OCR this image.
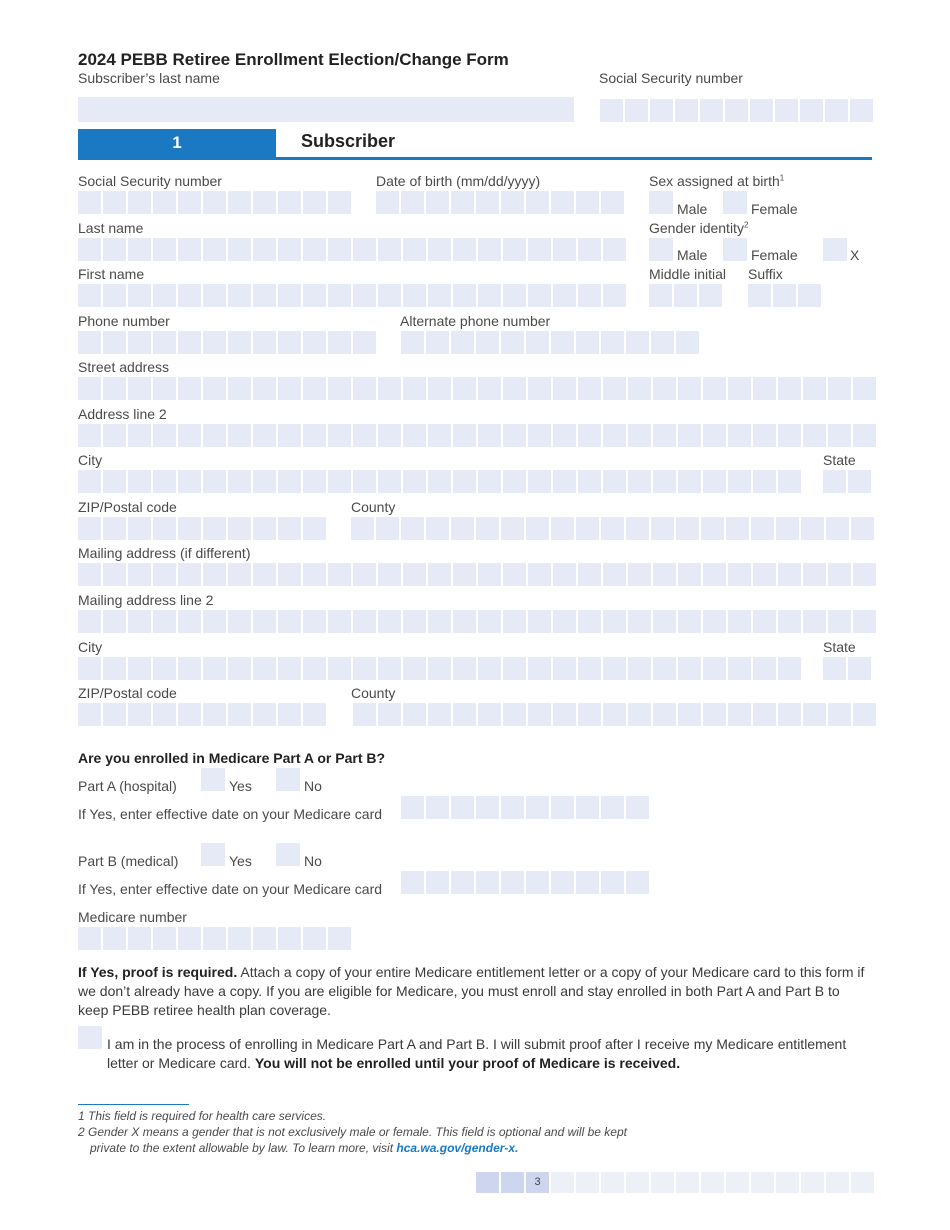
2024 PEBB Retiree Enrollment Election/Change Form
Subscriber’s last name	Social Security number
1	Subscriber
Social Security number	Date of birth (mm/dd/yyyy)	Sex assigned at birth$^1$
Male	Female
Last name	Gender identity$^2$
Male	Female	X
First name	Middle initial Suffix
Phone number	Alternate phone number
Street address
Address line 2
City	State
ZIP/Postal code	County
Mailing address (if different)
Mailing address line 2
City	State
ZIP/Postal code	County
Are you enrolled in Medicare Part A or Part B?
Part A (hospital)	Yes	No
If Yes, enter effective date on your Medicare card
Part B (medical)	Yes	No
If Yes, enter effective date on your Medicare card
Medicare number
If Yes, proof is required. Attach a copy of your entire Medicare entitlement letter or a copy of your Medicare card to this form if we don’t already have a copy. If you are eligible for Medicare, you must enroll and stay enrolled in both Part A and Part B to keep PEBB retiree health plan coverage.
I am in the process of enrolling in Medicare Part A and Part B. I will submit proof after I receive my Medicare entitlement letter or Medicare card. You will not be enrolled until your proof of Medicare is received.
1 This field is required for health care services.
2 Gender X means a gender that is not exclusively male or female. This field is optional and will be kept
private to the extent allowable by law. To learn more, visit hca.wa.gov/gender-x.
3
